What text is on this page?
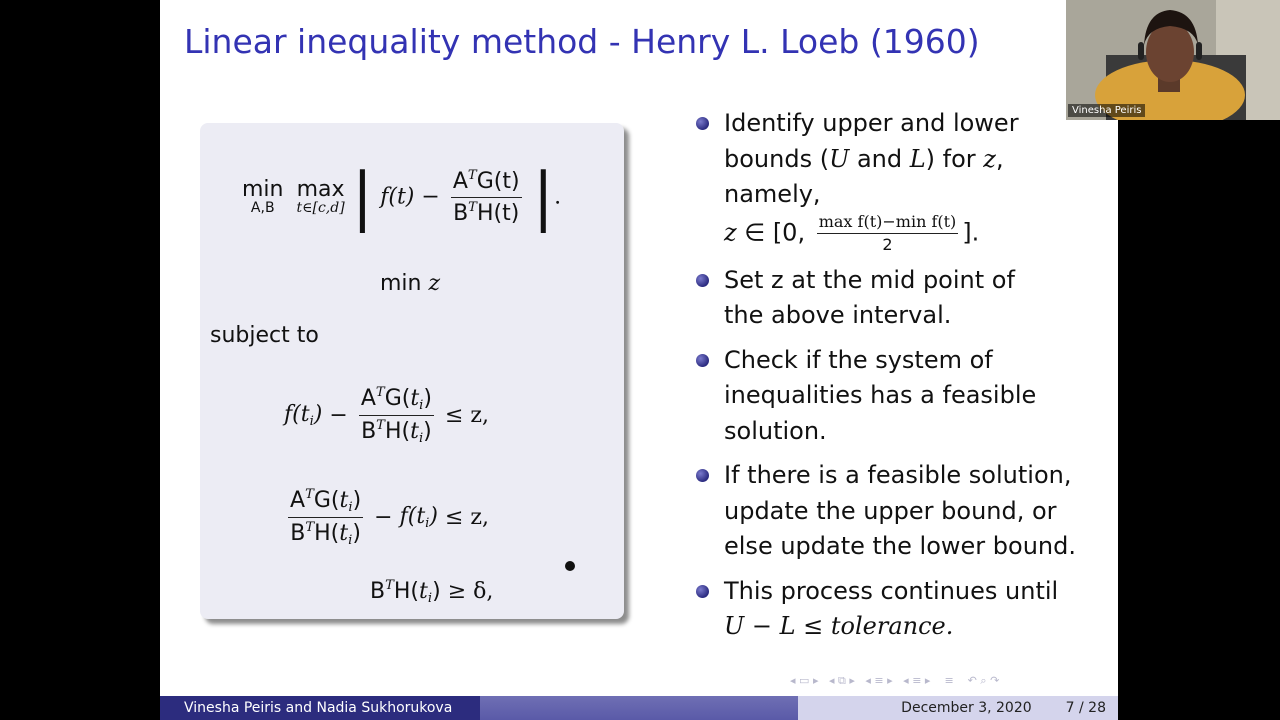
Linear inequality method - Henry L. Loeb (1960)
min
A,B

max
t∈[c,d] | $f(t) - \frac{A^TG(t)}{B^TH(t)}$ |.
min z
subject to
$f(t_i) - \frac{A^TG(t_i)}{B^TH(t_i)} \le z$,
$\frac{A^TG(t_i)}{B^TH(t_i)} - f(t_i) \le z$,
$B^TH(t_i) \ge \delta$,
Identify upper and lower
bounds (U and L) for z,
namely,
z ∈ [0, $\frac{\text{max f(t)−min f(t)}}{2}$ ].
Set z at the mid point of
the above interval.
Check if the system of
inequalities has a feasible
solution.
If there is a feasible solution,
update the upper bound, or
else update the lower bound.
This process continues until
U − L ≤ tolerance.
◂ ▭ ▸ ◂ ⧉ ▸ ◂ ≡ ▸ ◂ ≡ ▸ ≡ ↶ ⌕ ↷
Vinesha Peiris and Nadia Sukhorukova	December 3, 2020 7 / 28
Vinesha Peiris
